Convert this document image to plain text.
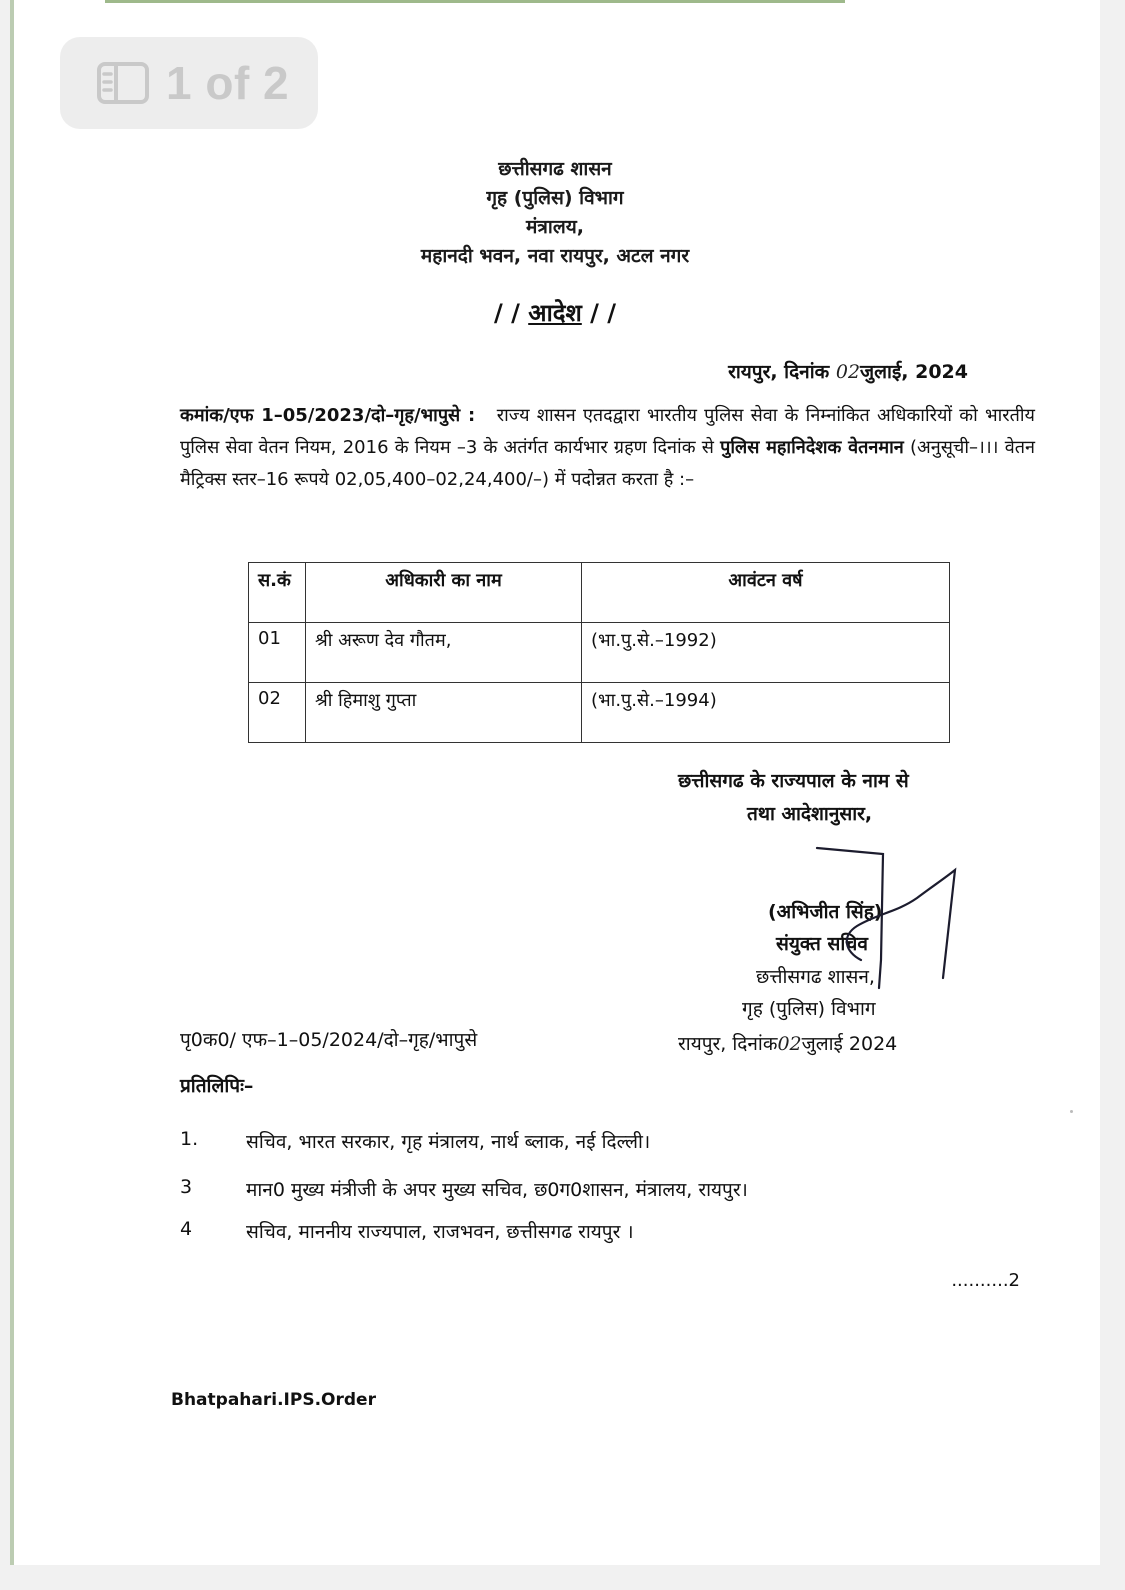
छत्तीसगढ शासन
गृह (पुलिस) विभाग
मंत्रालय,
महानदी भवन, नवा रायपुर, अटल नगर
/ / आदेश / /
रायपुर, दिनांक 02जुलाई, 2024
कमांक/एफ 1–05/2023/दो–गृह/भापुसे : राज्य शासन एतदद्वारा भारतीय पुलिस सेवा के निम्नांकित अधिकारियों को भारतीय पुलिस सेवा वेतन नियम, 2016 के नियम –3 के अतंर्गत कार्यभार ग्रहण दिनांक से पुलिस महानिदेशक वेतनमान (अनुसूची–।।। वेतन मैट्रिक्स स्तर–16 रूपये 02,05,400–02,24,400/–) में पदोन्नत करता है :–
स.कं	अधिकारी का नाम	आवंटन वर्ष
01	श्री अरूण देव गौतम,	(भा.पु.से.–1992)
02	श्री हिमाशु गुप्ता	(भा.पु.से.–1994)
छत्तीसगढ के राज्यपाल के नाम से
तथा आदेशानुसार,
(अभिजीत सिंह)
संयुक्त सचिव
छत्तीसगढ शासन,
गृह (पुलिस) विभाग
पृ0क0/ एफ–1–05/2024/दो–गृह/भापुसे	रायपुर, दिनांक02जुलाई 2024
प्रतिलिपिः–
1.	सचिव, भारत सरकार, गृह मंत्रालय, नार्थ ब्लाक, नई दिल्ली।
3	मान0 मुख्य मंत्रीजी के अपर मुख्य सचिव, छ0ग0शासन, मंत्रालय, रायपुर।
4	सचिव, माननीय राज्यपाल, राजभवन, छत्तीसगढ रायपुर ।
..........2
Bhatpahari.IPS.Order
1 of 2
